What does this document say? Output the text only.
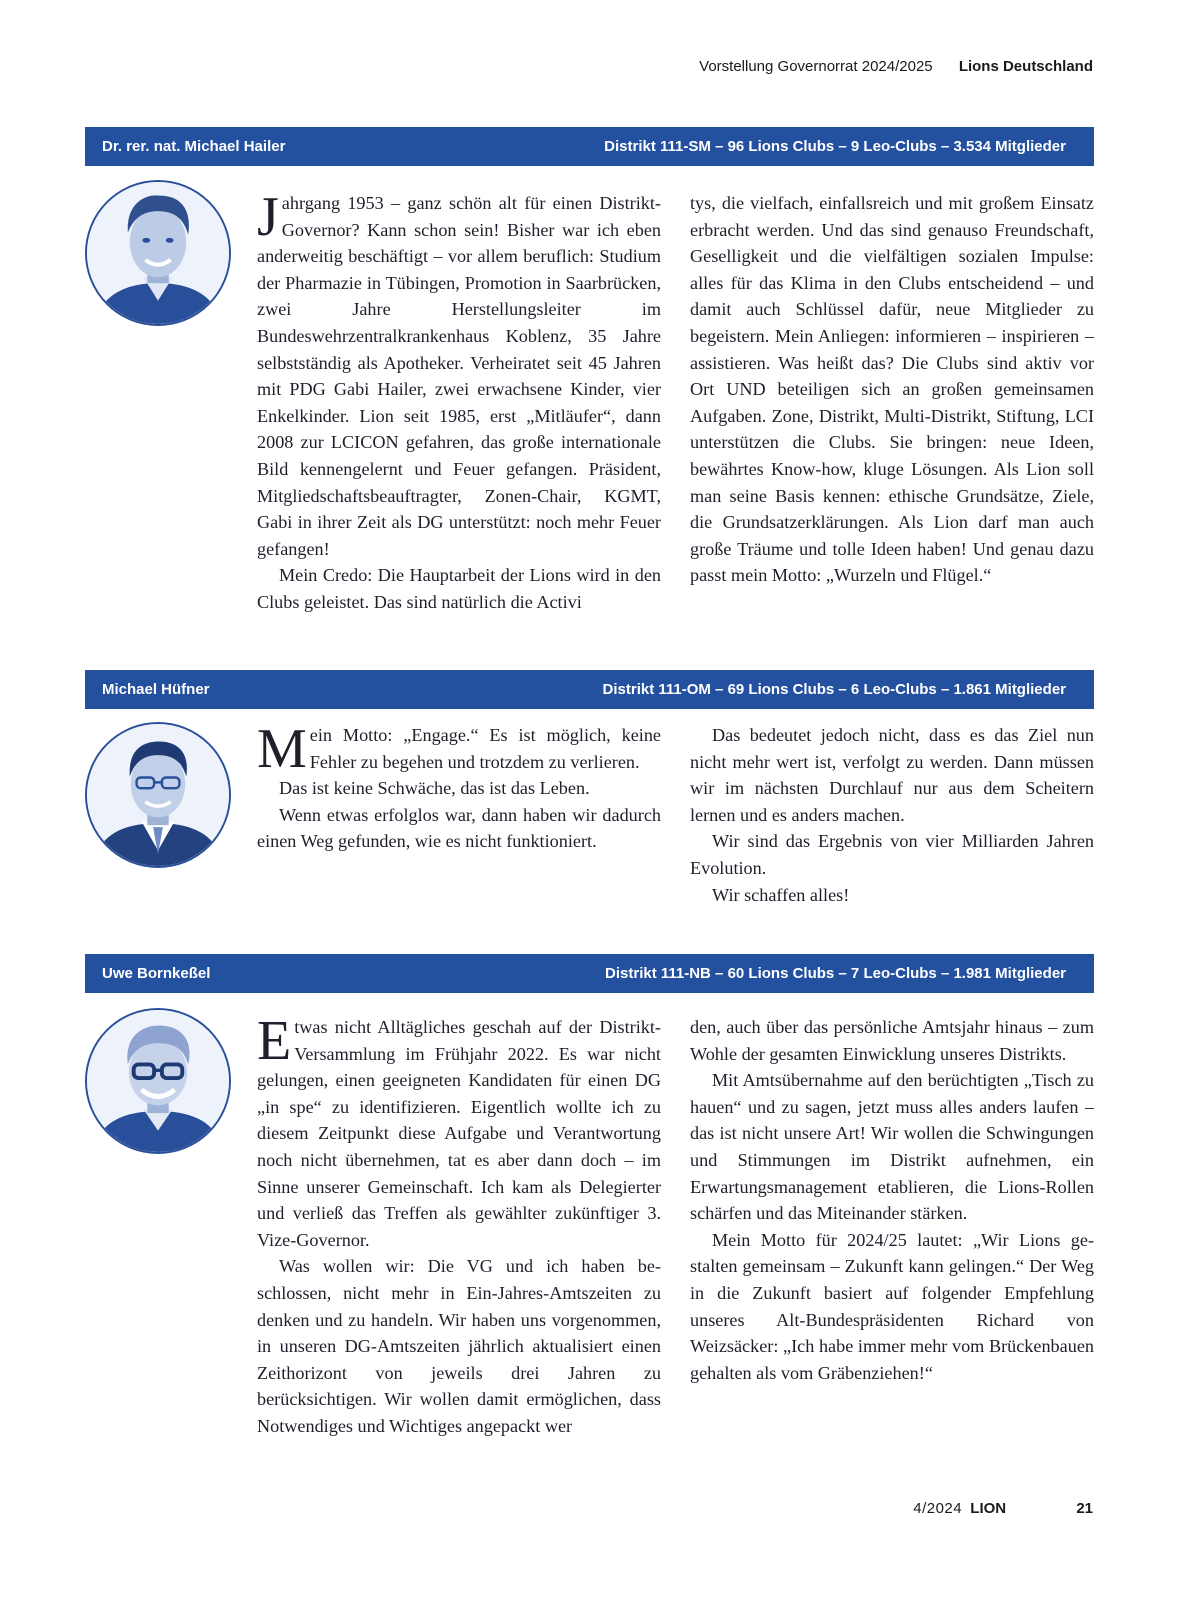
Vorstellung Governorrat 2024/2025 Lions Deutschland
Dr. rer. nat. Michael Hailer	Distrikt 111-SM – 96 Lions Clubs – 9 Leo-Clubs – 3.534 Mitglieder

Jahrgang 1953 – ganz schön alt für einen Distrikt-Governor? Kann schon sein! Bisher war ich eben anderweitig beschäftigt – vor allem beruflich: Studium der Pharmazie in Tübingen, Promotion in Saarbrücken, zwei Jahre Herstellungsleiter im Bundeswehrzentralkrankenhaus Koblenz, 35 Jahre selbstständig als Apotheker. Verheiratet seit 45 Jahren mit PDG Gabi Hailer, zwei erwachsene Kinder, vier Enkelkinder. Lion seit 1985, erst „Mitläufer“, dann 2008 zur LCICON gefahren, das große internationale Bild kennengelernt und Feuer gefangen. Präsident, Mitgliedschaftsbeauftragter, Zonen-Chair, KGMT, Gabi in ihrer Zeit als DG unterstützt: noch mehr Feuer gefangen!

Mein Credo: Die Hauptarbeit der Lions wird in den Clubs geleistet. Das sind natürlich die Activi

tys, die vielfach, einfallsreich und mit großem Einsatz erbracht werden. Und das sind genauso Freundschaft, Geselligkeit und die vielfältigen sozialen Impulse: alles für das Klima in den Clubs entscheidend – und damit auch Schlüssel dafür, neue Mitglieder zu begeistern. Mein Anliegen: informieren – inspirieren – assistieren. Was heißt das? Die Clubs sind aktiv vor Ort UND beteiligen sich an großen gemeinsamen Aufgaben. Zone, Distrikt, Multi-Distrikt, Stiftung, LCI unterstützen die Clubs. Sie bringen: neue Ideen, bewährtes Know-how, kluge Lösungen. Als Lion soll man seine Basis kennen: ethische Grundsätze, Ziele, die Grundsatzerklärungen. Als Lion darf man auch große Träume und tolle Ideen haben! Und genau dazu passt mein Motto: „Wurzeln und Flügel.“

Michael Hüfner	Distrikt 111-OM – 69 Lions Clubs – 6 Leo-Clubs – 1.861 Mitglieder

Mein Motto: „Engage.“ Es ist möglich, keine Fehler zu begehen und trotzdem zu verlieren.

Das ist keine Schwäche, das ist das Leben.

Wenn etwas erfolglos war, dann haben wir dadurch einen Weg gefunden, wie es nicht funktioniert.

Das bedeutet jedoch nicht, dass es das Ziel nun nicht mehr wert ist, verfolgt zu werden. Dann müssen wir im nächsten Durchlauf nur aus dem Scheitern lernen und es anders machen.

Wir sind das Ergebnis von vier Milliarden Jahren Evolution.

Wir schaffen alles!

Uwe Bornkeßel	Distrikt 111-NB – 60 Lions Clubs – 7 Leo-Clubs – 1.981 Mitglieder

Etwas nicht Alltägliches geschah auf der Distrikt-Versammlung im Frühjahr 2022. Es war nicht gelungen, einen geeigneten Kandidaten für einen DG „in spe“ zu identifizieren. Eigentlich wollte ich zu diesem Zeitpunkt diese Aufgabe und Verantwortung noch nicht übernehmen, tat es aber dann doch – im Sinne unserer Gemeinschaft. Ich kam als Delegierter und verließ das Treffen als gewählter zukünftiger 3. Vize-Governor.

Was wollen wir: Die VG und ich haben beschlossen, nicht mehr in Ein-Jahres-Amtszeiten zu denken und zu handeln. Wir haben uns vorgenommen, in unseren DG-Amtszeiten jährlich aktualisiert einen Zeithorizont von jeweils drei Jahren zu berücksichtigen. Wir wollen damit ermöglichen, dass Notwendiges und Wichtiges angepackt wer

den, auch über das persönliche Amtsjahr hinaus – zum Wohle der gesamten Einwicklung unseres Distrikts.

Mit Amtsübernahme auf den berüchtigten „Tisch zu hauen“ und zu sagen, jetzt muss alles anders laufen – das ist nicht unsere Art! Wir wollen die Schwingungen und Stimmungen im Distrikt aufnehmen, ein Erwartungsmanagement etablieren, die Lions-Rollen schärfen und das Miteinander stärken.

Mein Motto für 2024/25 lautet: „Wir Lions gestalten gemeinsam – Zukunft kann gelingen.“ Der Weg in die Zukunft basiert auf folgender Empfehlung unseres Alt-Bundespräsidenten Richard von Weizsäcker: „Ich habe immer mehr vom Brückenbauen gehalten als vom Gräbenziehen!“

4/2024 LION	21
